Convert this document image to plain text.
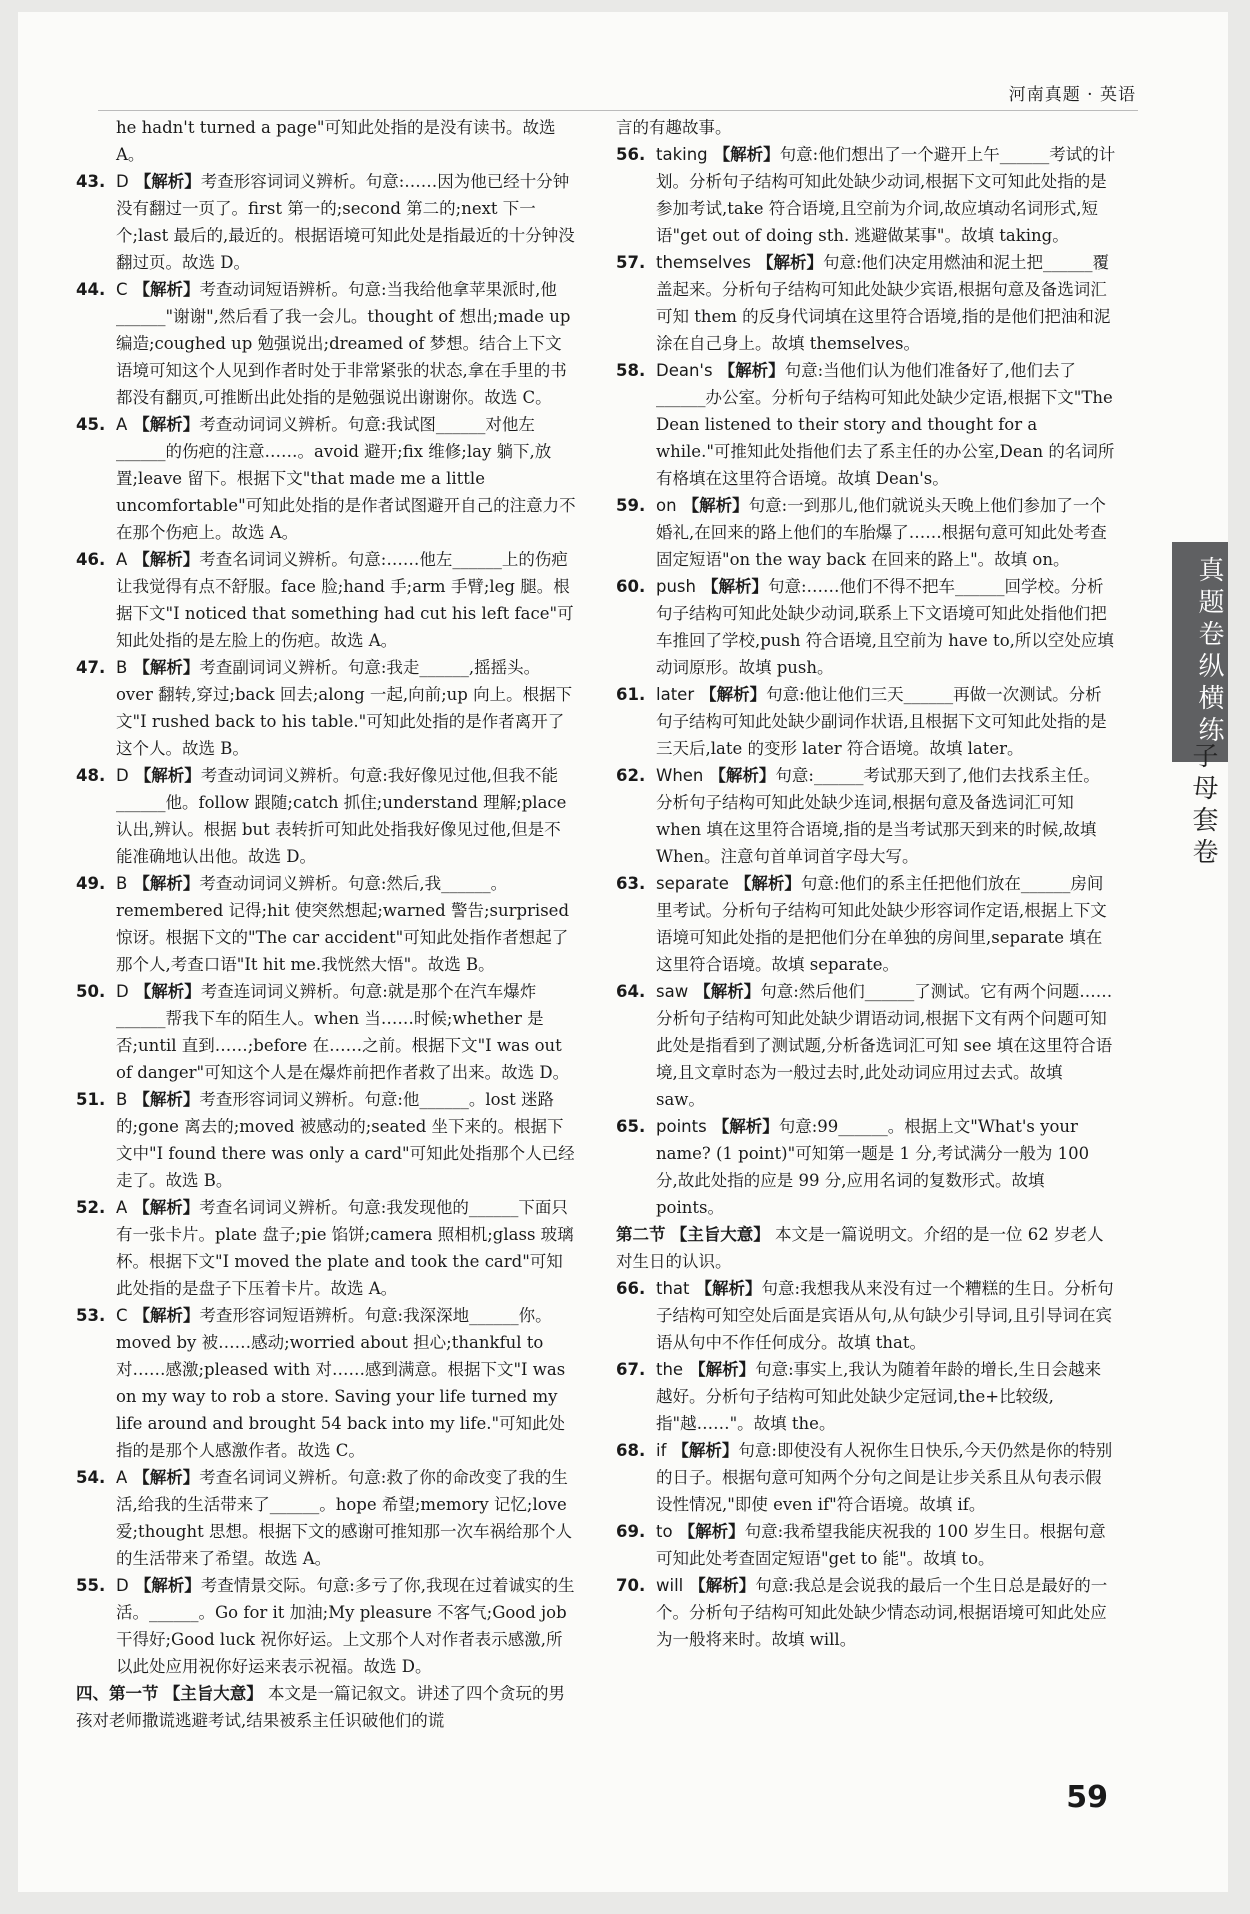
河南真题 · 英语
he hadn't turned a page"可知此处指的是没有读书。故选 A。
43. D 【解析】考查形容词词义辨析。句意:……因为他已经十分钟没有翻过一页了。first 第一的;second 第二的;next 下一个;last 最后的,最近的。根据语境可知此处是指最近的十分钟没翻过页。故选 D。
44. C 【解析】考查动词短语辨析。句意:当我给他拿苹果派时,他______"谢谢",然后看了我一会儿。thought of 想出;made up 编造;coughed up 勉强说出;dreamed of 梦想。结合上下文语境可知这个人见到作者时处于非常紧张的状态,拿在手里的书都没有翻页,可推断出此处指的是勉强说出谢谢你。故选 C。
45. A 【解析】考查动词词义辨析。句意:我试图______对他左______的伤疤的注意……。avoid 避开;fix 维修;lay 躺下,放置;leave 留下。根据下文"that made me a little uncomfortable"可知此处指的是作者试图避开自己的注意力不在那个伤疤上。故选 A。
46. A 【解析】考查名词词义辨析。句意:……他左______上的伤疤让我觉得有点不舒服。face 脸;hand 手;arm 手臂;leg 腿。根据下文"I noticed that something had cut his left face"可知此处指的是左脸上的伤疤。故选 A。
47. B 【解析】考查副词词义辨析。句意:我走______,摇摇头。over 翻转,穿过;back 回去;along 一起,向前;up 向上。根据下文"I rushed back to his table."可知此处指的是作者离开了这个人。故选 B。
48. D 【解析】考查动词词义辨析。句意:我好像见过他,但我不能______他。follow 跟随;catch 抓住;understand 理解;place 认出,辨认。根据 but 表转折可知此处指我好像见过他,但是不能准确地认出他。故选 D。
49. B 【解析】考查动词词义辨析。句意:然后,我______。remembered 记得;hit 使突然想起;warned 警告;surprised 惊讶。根据下文的"The car accident"可知此处指作者想起了那个人,考查口语"It hit me.我恍然大悟"。故选 B。
50. D 【解析】考查连词词义辨析。句意:就是那个在汽车爆炸______帮我下车的陌生人。when 当……时候;whether 是否;until 直到……;before 在……之前。根据下文"I was out of danger"可知这个人是在爆炸前把作者救了出来。故选 D。
51. B 【解析】考查形容词词义辨析。句意:他______。lost 迷路的;gone 离去的;moved 被感动的;seated 坐下来的。根据下文中"I found there was only a card"可知此处指那个人已经走了。故选 B。
52. A 【解析】考查名词词义辨析。句意:我发现他的______下面只有一张卡片。plate 盘子;pie 馅饼;camera 照相机;glass 玻璃杯。根据下文"I moved the plate and took the card"可知此处指的是盘子下压着卡片。故选 A。
53. C 【解析】考查形容词短语辨析。句意:我深深地______你。moved by 被……感动;worried about 担心;thankful to 对……感激;pleased with 对……感到满意。根据下文"I was on my way to rob a store. Saving your life turned my life around and brought 54 back into my life."可知此处指的是那个人感激作者。故选 C。
54. A 【解析】考查名词词义辨析。句意:救了你的命改变了我的生活,给我的生活带来了______。hope 希望;memory 记忆;love 爱;thought 思想。根据下文的感谢可推知那一次车祸给那个人的生活带来了希望。故选 A。
55. D 【解析】考查情景交际。句意:多亏了你,我现在过着诚实的生活。______。Go for it 加油;My pleasure 不客气;Good job 干得好;Good luck 祝你好运。上文那个人对作者表示感激,所以此处应用祝你好运来表示祝福。故选 D。
四、第一节 【主旨大意】 本文是一篇记叙文。讲述了四个贪玩的男孩对老师撒谎逃避考试,结果被系主任识破他们的谎
言的有趣故事。
56. taking 【解析】句意:他们想出了一个避开上午______考试的计划。分析句子结构可知此处缺少动词,根据下文可知此处指的是参加考试,take 符合语境,且空前为介词,故应填动名词形式,短语"get out of doing sth. 逃避做某事"。故填 taking。
57. themselves 【解析】句意:他们决定用燃油和泥土把______覆盖起来。分析句子结构可知此处缺少宾语,根据句意及备选词汇可知 them 的反身代词填在这里符合语境,指的是他们把油和泥涂在自己身上。故填 themselves。
58. Dean's 【解析】句意:当他们认为他们准备好了,他们去了______办公室。分析句子结构可知此处缺少定语,根据下文"The Dean listened to their story and thought for a while."可推知此处指他们去了系主任的办公室,Dean 的名词所有格填在这里符合语境。故填 Dean's。
59. on 【解析】句意:一到那儿,他们就说头天晚上他们参加了一个婚礼,在回来的路上他们的车胎爆了……根据句意可知此处考查固定短语"on the way back 在回来的路上"。故填 on。
60. push 【解析】句意:……他们不得不把车______回学校。分析句子结构可知此处缺少动词,联系上下文语境可知此处指他们把车推回了学校,push 符合语境,且空前为 have to,所以空处应填动词原形。故填 push。
61. later 【解析】句意:他让他们三天______再做一次测试。分析句子结构可知此处缺少副词作状语,且根据下文可知此处指的是三天后,late 的变形 later 符合语境。故填 later。
62. When 【解析】句意:______考试那天到了,他们去找系主任。分析句子结构可知此处缺少连词,根据句意及备选词汇可知 when 填在这里符合语境,指的是当考试那天到来的时候,故填 When。注意句首单词首字母大写。
63. separate 【解析】句意:他们的系主任把他们放在______房间里考试。分析句子结构可知此处缺少形容词作定语,根据上下文语境可知此处指的是把他们分在单独的房间里,separate 填在这里符合语境。故填 separate。
64. saw 【解析】句意:然后他们______了测试。它有两个问题……分析句子结构可知此处缺少谓语动词,根据下文有两个问题可知此处是指看到了测试题,分析备选词汇可知 see 填在这里符合语境,且文章时态为一般过去时,此处动词应用过去式。故填 saw。
65. points 【解析】句意:99______。根据上文"What's your name? (1 point)"可知第一题是 1 分,考试满分一般为 100 分,故此处指的应是 99 分,应用名词的复数形式。故填 points。
第二节 【主旨大意】 本文是一篇说明文。介绍的是一位 62 岁老人对生日的认识。
66. that 【解析】句意:我想我从来没有过一个糟糕的生日。分析句子结构可知空处后面是宾语从句,从句缺少引导词,且引导词在宾语从句中不作任何成分。故填 that。
67. the 【解析】句意:事实上,我认为随着年龄的增长,生日会越来越好。分析句子结构可知此处缺少定冠词,the+比较级,指"越……"。故填 the。
68. if 【解析】句意:即使没有人祝你生日快乐,今天仍然是你的特别的日子。根据句意可知两个分句之间是让步关系且从句表示假设性情况,"即使 even if"符合语境。故填 if。
69. to 【解析】句意:我希望我能庆祝我的 100 岁生日。根据句意可知此处考查固定短语"get to 能"。故填 to。
70. will 【解析】句意:我总是会说我的最后一个生日总是最好的一个。分析句子结构可知此处缺少情态动词,根据语境可知此处应为一般将来时。故填 will。
真题卷纵横练
子母套卷
59
